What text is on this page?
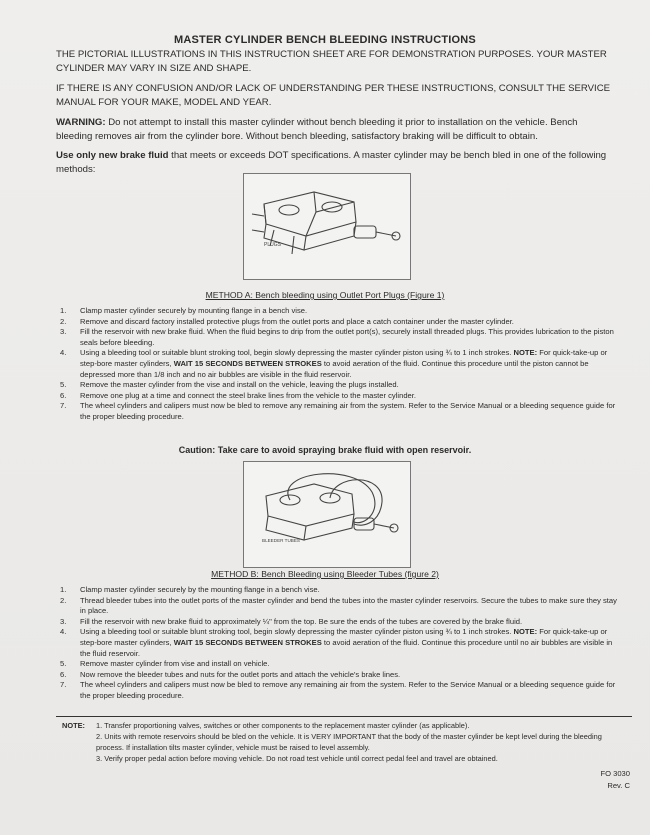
MASTER CYLINDER BENCH BLEEDING INSTRUCTIONS
THE PICTORIAL ILLUSTRATIONS IN THIS INSTRUCTION SHEET ARE FOR DEMONSTRATION PURPOSES. YOUR MASTER CYLINDER MAY VARY IN SIZE AND SHAPE.
IF THERE IS ANY CONFUSION AND/OR LACK OF UNDERSTANDING PER THESE INSTRUCTIONS, CONSULT THE SERVICE MANUAL FOR YOUR MAKE, MODEL AND YEAR.
WARNING: Do not attempt to install this master cylinder without bench bleeding it prior to installation on the vehicle. Bench bleeding removes air from the cylinder bore. Without bench bleeding, satisfactory braking will be difficult to obtain.
Use only new brake fluid that meets or exceeds DOT specifications. A master cylinder may be bench bled in one of the following methods:
PLUGS
METHOD A: Bench bleeding using Outlet Port Plugs (Figure 1)
1.	Clamp master cylinder securely by mounting flange in a bench vise.
2.	Remove and discard factory installed protective plugs from the outlet ports and place a catch container under the master cylinder.
3.	Fill the reservoir with new brake fluid. When the fluid begins to drip from the outlet port(s), securely install threaded plugs. This provides lubrication to the piston seals before bleeding.
4.	Using a bleeding tool or suitable blunt stroking tool, begin slowly depressing the master cylinder piston using ¾ to 1 inch strokes. NOTE: For quick-take-up or step-bore master cylinders, WAIT 15 SECONDS BETWEEN STROKES to avoid aeration of the fluid. Continue this procedure until the piston cannot be depressed more than 1/8 inch and no air bubbles are visible in the fluid reservoir.
5.	Remove the master cylinder from the vise and install on the vehicle, leaving the plugs installed.
6.	Remove one plug at a time and connect the steel brake lines from the vehicle to the master cylinder.
7.	The wheel cylinders and calipers must now be bled to remove any remaining air from the system. Refer to the Service Manual or a bleeding sequence guide for the proper bleeding procedure.
Caution: Take care to avoid spraying brake fluid with open reservoir.
BLEEDER TUBES
METHOD B: Bench Bleeding using Bleeder Tubes (figure 2)
1.	Clamp master cylinder securely by the mounting flange in a bench vise.
2.	Thread bleeder tubes into the outlet ports of the master cylinder and bend the tubes into the master cylinder reservoirs. Secure the tubes to make sure they stay in place.
3.	Fill the reservoir with new brake fluid to approximately ¼" from the top. Be sure the ends of the tubes are covered by the brake fluid.
4.	Using a bleeding tool or suitable blunt stroking tool, begin slowly depressing the master cylinder piston using ¾ to 1 inch strokes. NOTE: For quick-take-up or step-bore master cylinders, WAIT 15 SECONDS BETWEEN STROKES to avoid aeration of the fluid. Continue this procedure until no air bubbles are visible in the fluid reservoir.
5.	Remove master cylinder from vise and install on vehicle.
6.	Now remove the bleeder tubes and nuts for the outlet ports and attach the vehicle's brake lines.
7.	The wheel cylinders and calipers must now be bled to remove any remaining air from the system. Refer to the Service Manual or a bleeding sequence guide for the proper bleeding procedure.
NOTE:	1. Transfer proportioning valves, switches or other components to the replacement master cylinder (as applicable).
2. Units with remote reservoirs should be bled on the vehicle. It is VERY IMPORTANT that the body of the master cylinder be kept level during the bleeding process. If installation tilts master cylinder, vehicle must be raised to level assembly.
3. Verify proper pedal action before moving vehicle. Do not road test vehicle until correct pedal feel and travel are obtained.
FO 3030
Rev. C
